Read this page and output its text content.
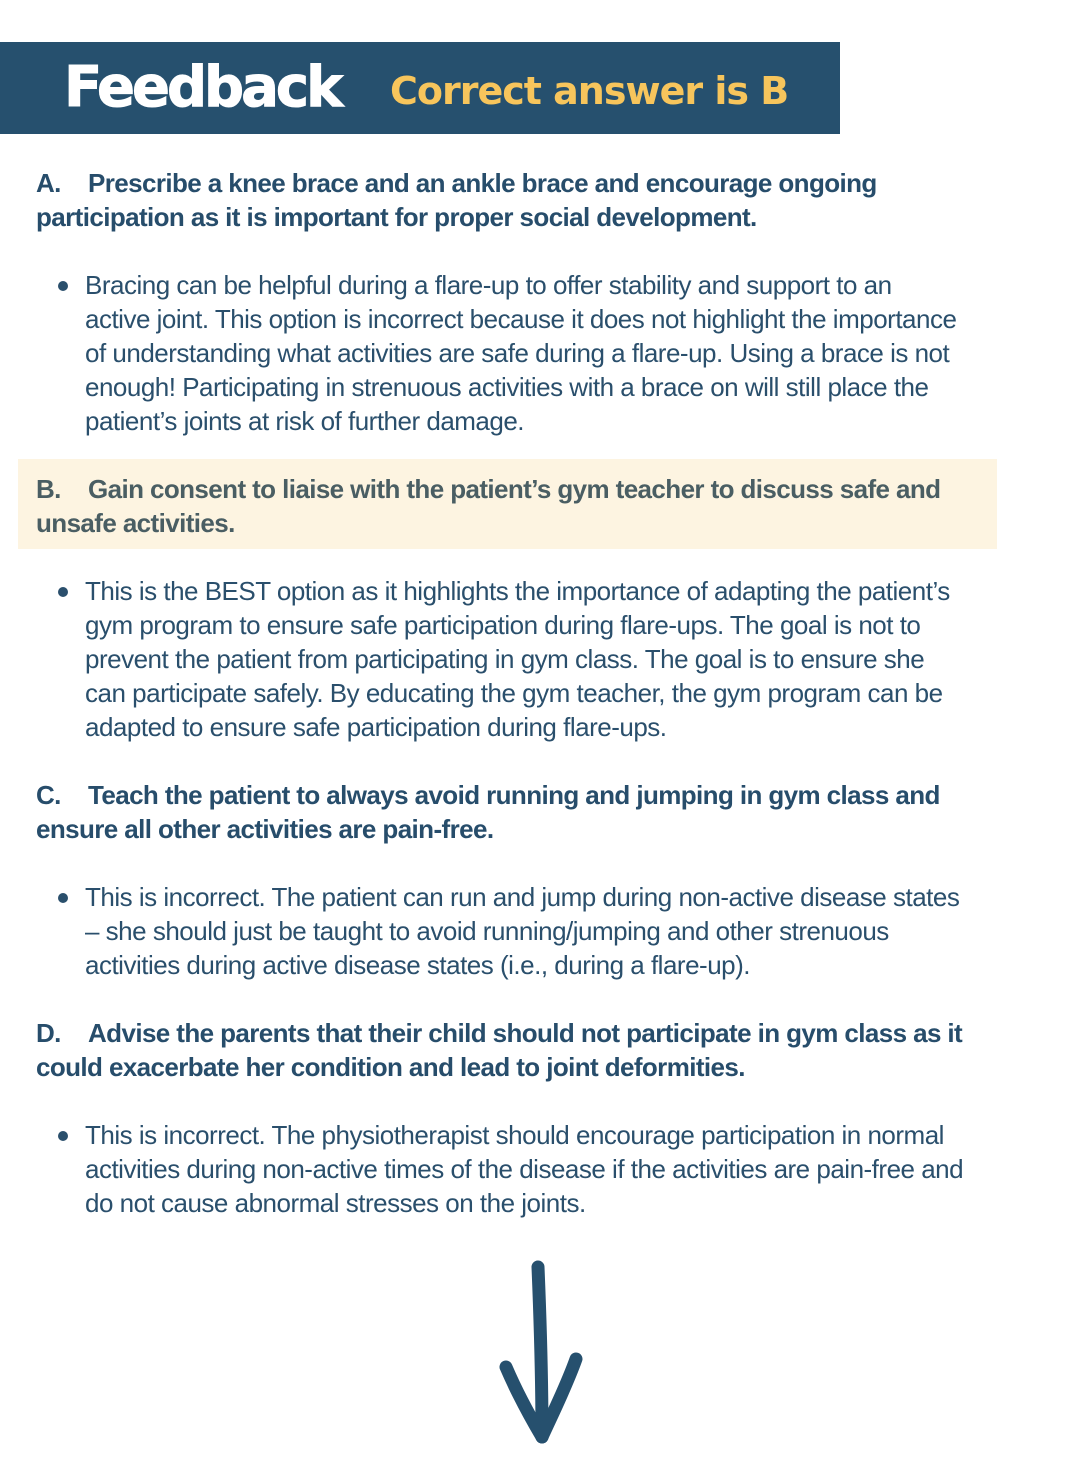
Feedback Correct answer is B
A. Prescribe a knee brace and an ankle brace and encourage ongoing
participation as it is important for proper social development.
Bracing can be helpful during a flare-up to offer stability and support to an
active joint. This option is incorrect because it does not highlight the importance
of understanding what activities are safe during a flare-up. Using a brace is not
enough! Participating in strenuous activities with a brace on will still place the
patient’s joints at risk of further damage.
B. Gain consent to liaise with the patient’s gym teacher to discuss safe and
unsafe activities.
This is the BEST option as it highlights the importance of adapting the patient’s
gym program to ensure safe participation during flare-ups. The goal is not to
prevent the patient from participating in gym class. The goal is to ensure she
can participate safely. By educating the gym teacher, the gym program can be
adapted to ensure safe participation during flare-ups.
C. Teach the patient to always avoid running and jumping in gym class and
ensure all other activities are pain-free.
This is incorrect. The patient can run and jump during non-active disease states
– she should just be taught to avoid running/jumping and other strenuous
activities during active disease states (i.e., during a flare-up).
D. Advise the parents that their child should not participate in gym class as it
could exacerbate her condition and lead to joint deformities.
This is incorrect. The physiotherapist should encourage participation in normal
activities during non-active times of the disease if the activities are pain-free and
do not cause abnormal stresses on the joints.
